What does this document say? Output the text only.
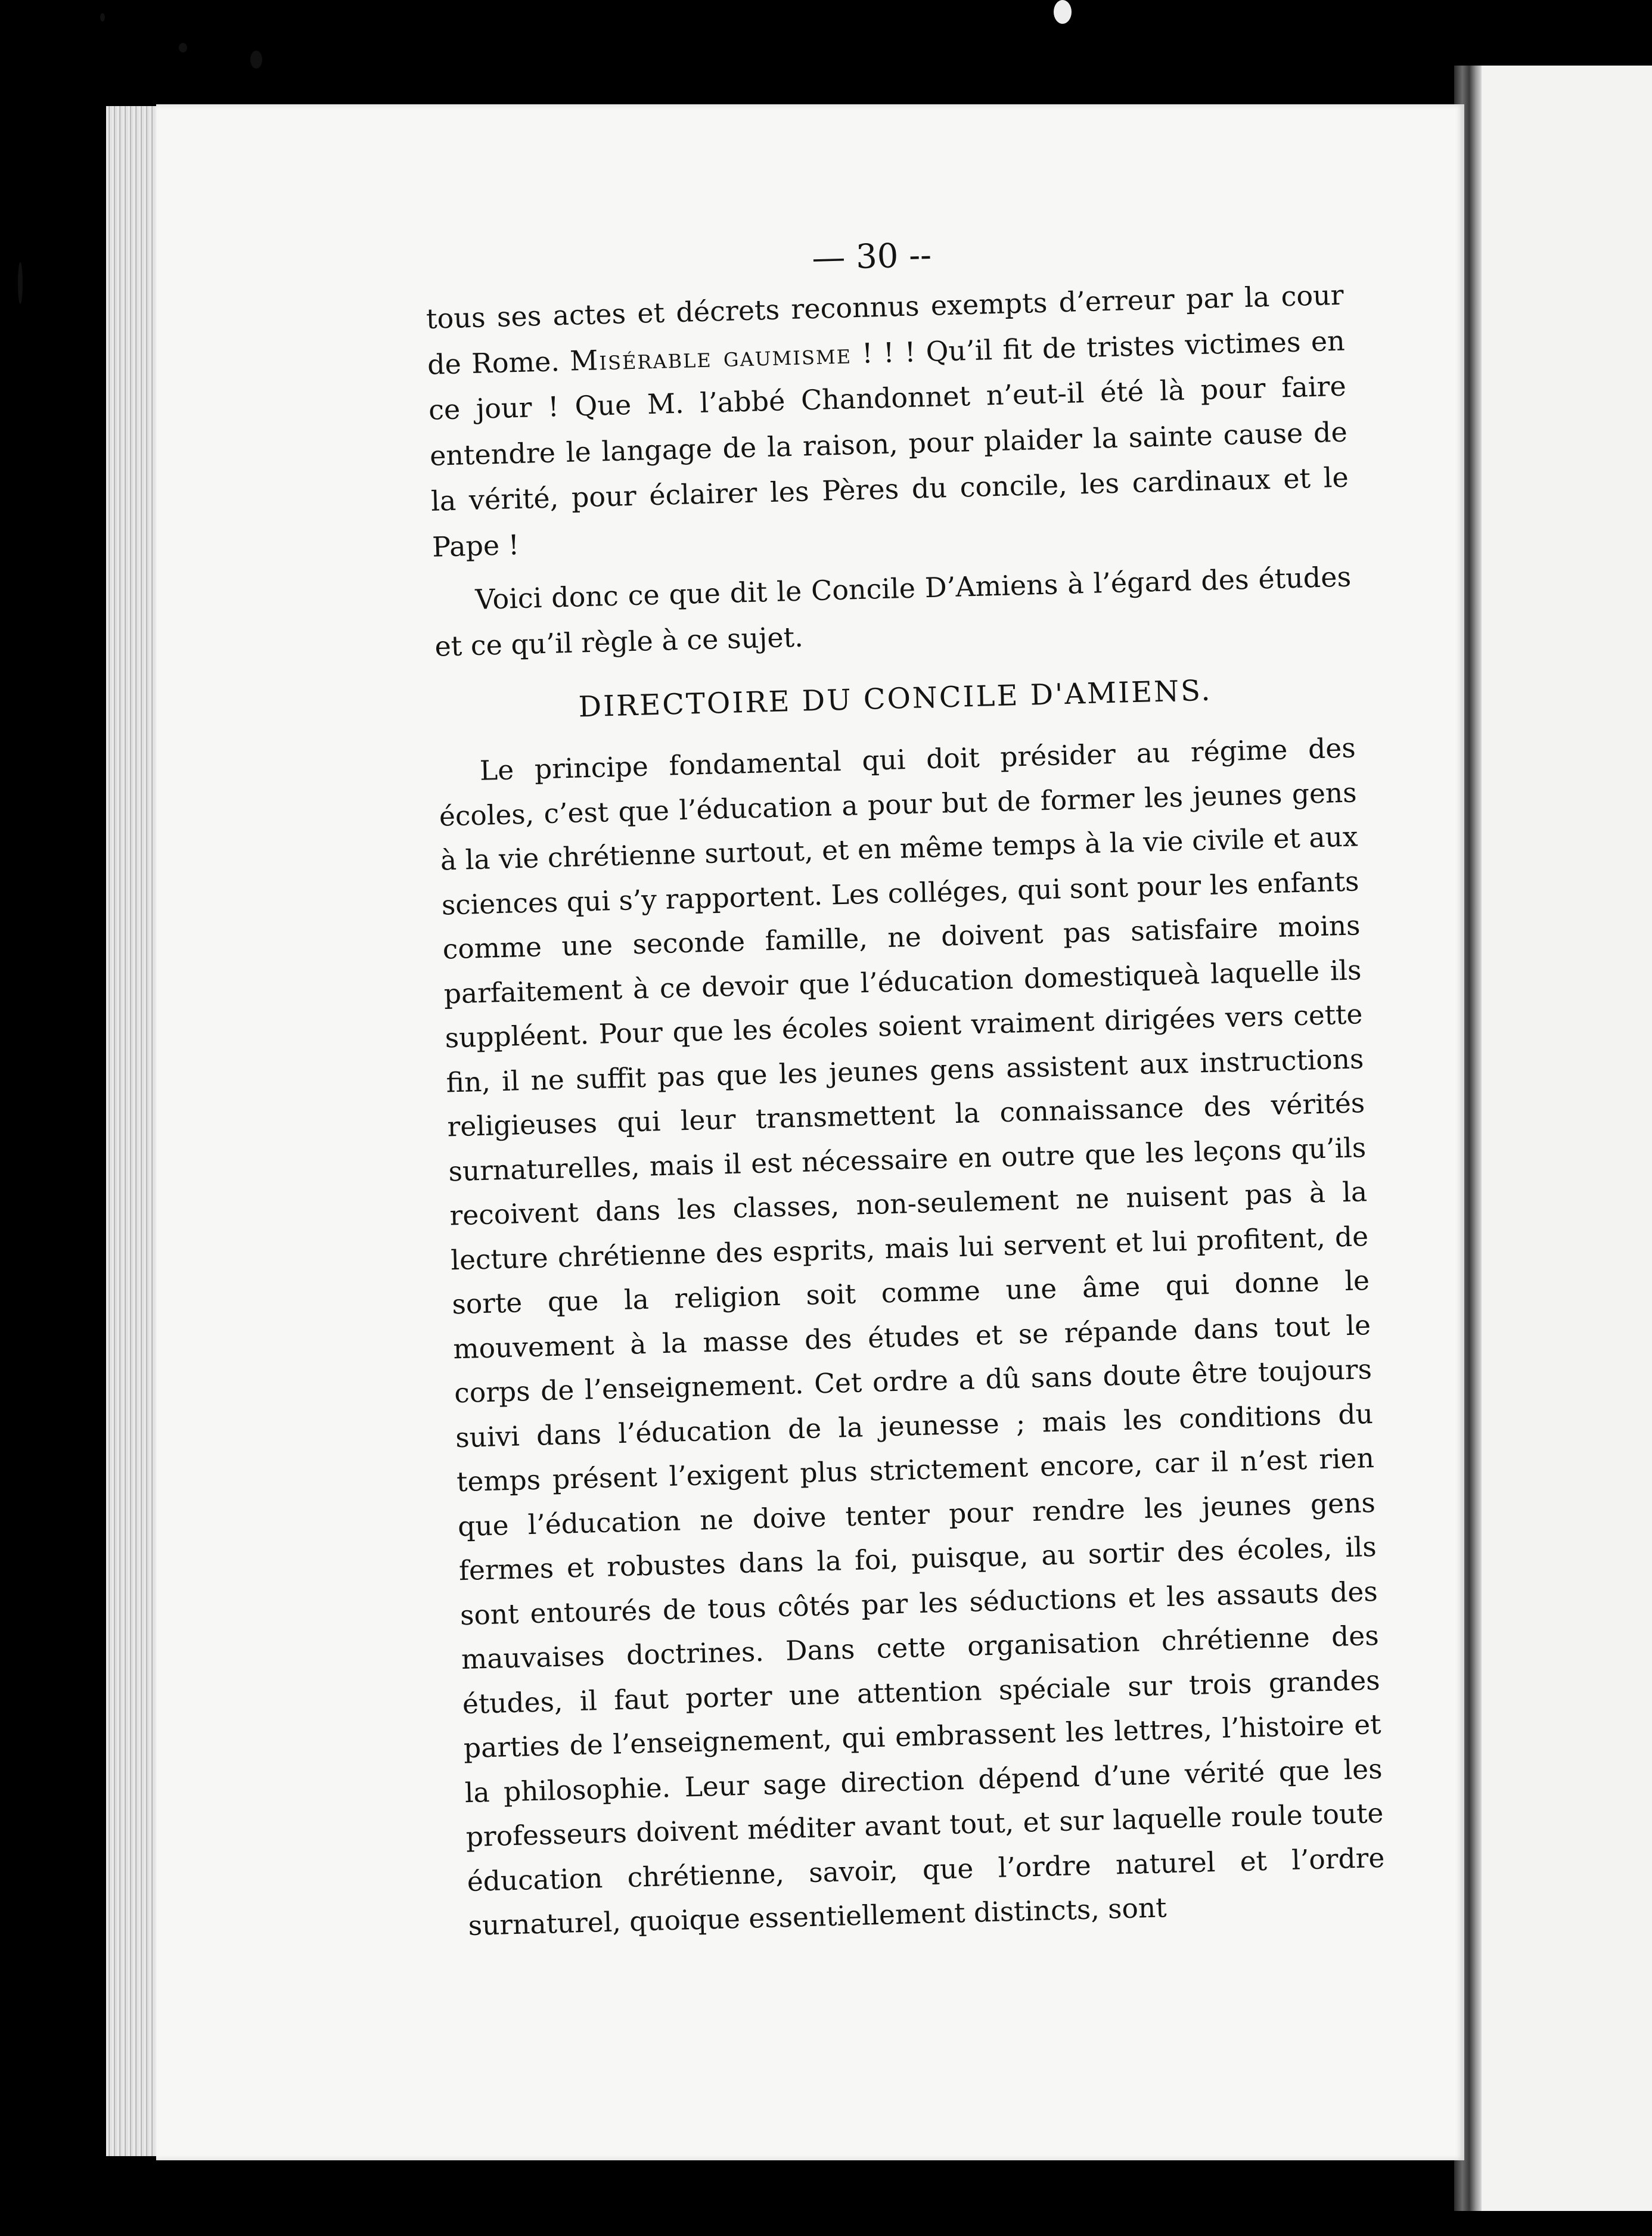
— 30 --

tous ses actes et décrets reconnus exempts d’erreur par la cour de Rome. Misérable gaumisme ! ! ! Qu’il fit de tristes victimes en ce jour ! Que M. l’abbé Chandonnet n’eut-il été là pour faire entendre le langage de la raison, pour plaider la sainte cause de la vérité, pour éclairer les Pères du concile, les cardinaux et le Pape !

Voici donc ce que dit le Concile D’Amiens à l’égard des études et ce qu’il règle à ce sujet.

DIRECTOIRE DU CONCILE D'AMIENS.

Le principe fondamental qui doit présider au régime des écoles, c’est que l’éducation a pour but de former les jeunes gens à la vie chrétienne surtout, et en même temps à la vie civile et aux sciences qui s’y rapportent. Les colléges, qui sont pour les enfants comme une seconde famille, ne doivent pas satisfaire moins parfaitement à ce devoir que l’éducation domestiqueà laquelle ils suppléent. Pour que les écoles soient vraiment dirigées vers cette fin, il ne suffit pas que les jeunes gens assistent aux instructions religieuses qui leur transmettent la connaissance des vérités surnaturelles, mais il est nécessaire en outre que les leçons qu’ils recoivent dans les classes, non-seulement ne nuisent pas à la lecture chrétienne des esprits, mais lui servent et lui profitent, de sorte que la religion soit comme une âme qui donne le mouvement à la masse des études et se répande dans tout le corps de l’enseignement. Cet ordre a dû sans doute être toujours suivi dans l’éducation de la jeunesse ; mais les conditions du temps présent l’exigent plus strictement encore, car il n’est rien que l’éducation ne doive tenter pour rendre les jeunes gens fermes et robustes dans la foi, puisque, au sortir des écoles, ils sont entourés de tous côtés par les séductions et les assauts des mauvaises doctrines. Dans cette organisation chrétienne des études, il faut porter une attention spéciale sur trois grandes parties de l’enseignement, qui embrassent les lettres, l’histoire et la philosophie. Leur sage direction dépend d’une vérité que les professeurs doivent méditer avant tout, et sur laquelle roule toute éducation chrétienne, savoir, que l’ordre naturel et l’ordre surnaturel, quoique essentiellement distincts, sont
